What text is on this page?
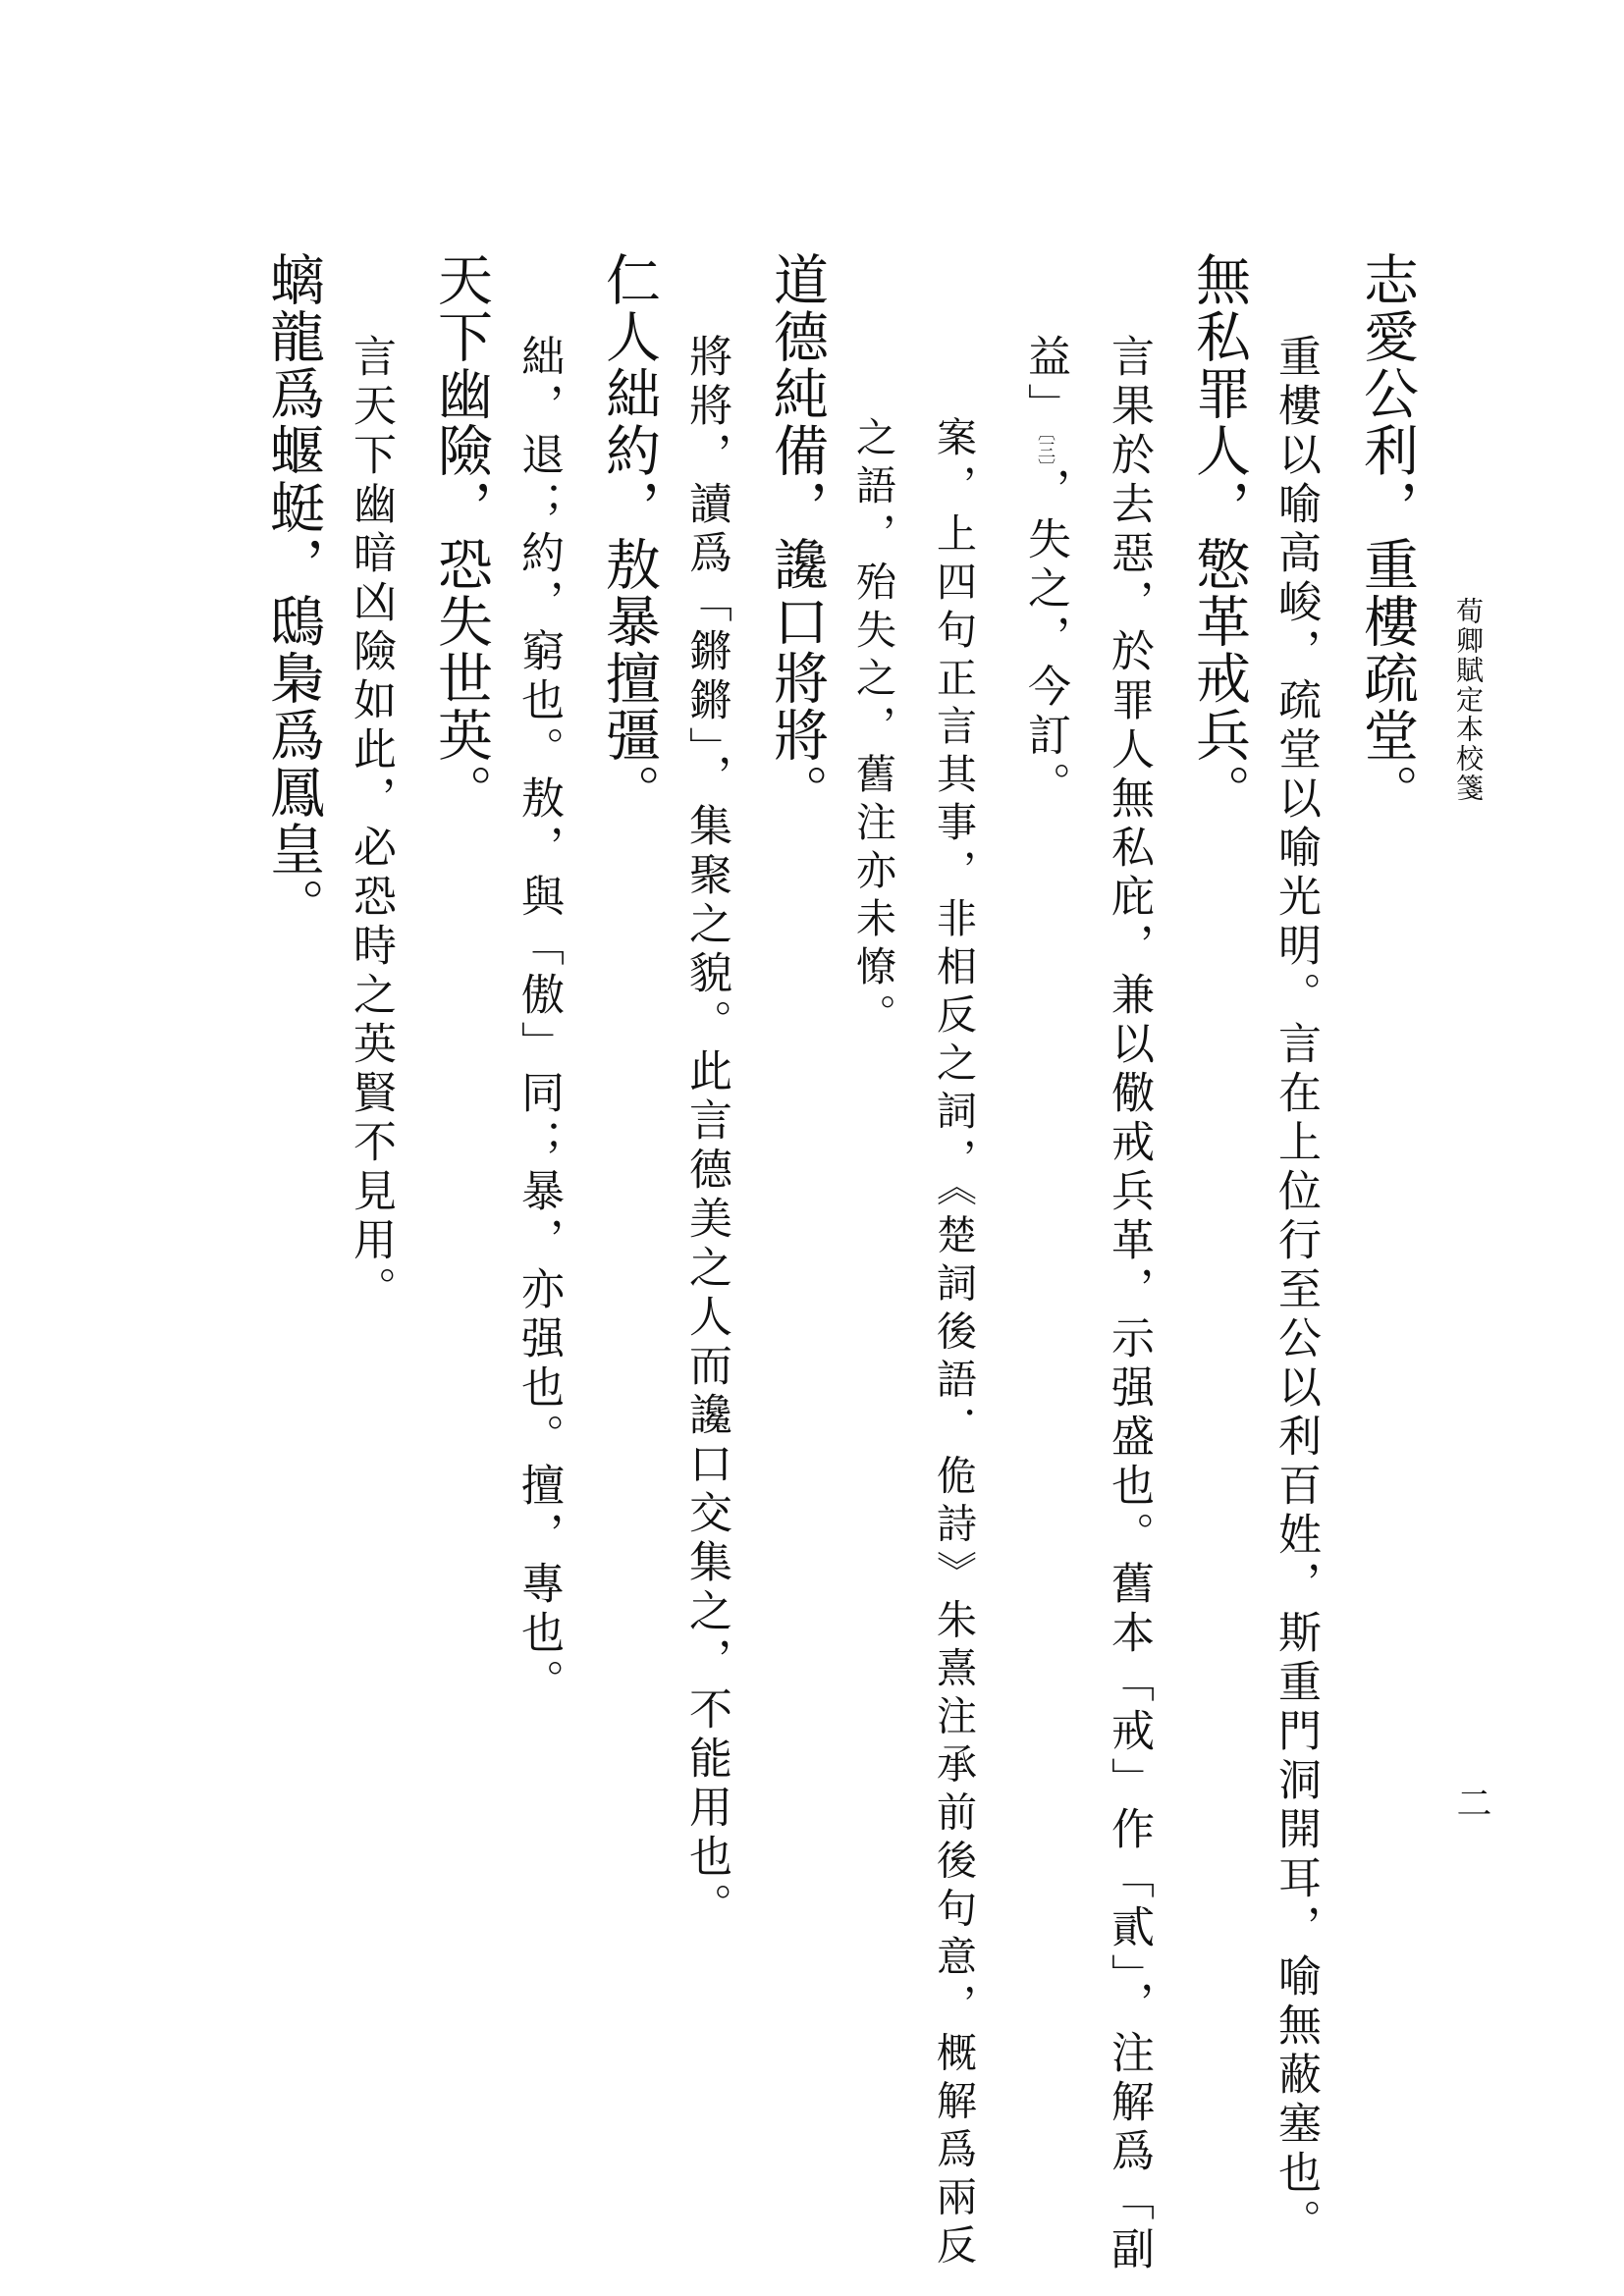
荀卿賦定本校箋
二
志愛公利，重樓疏堂。
重樓以喻高峻，疏堂以喻光明。言在上位行至公以利百姓，斯重門洞開耳，喻無蔽塞也。
無私罪人，憼革戒兵。
言果於去惡，於罪人無私庇，兼以儆戒兵革，示强盛也。舊本「戒」作「貳」，注解爲「副
益」〔三〕，失之，今訂。
案，上四句正言其事，非相反之詞，《楚詞後語．佹詩》朱熹注承前後句意，概解爲兩反
之語，殆失之，舊注亦未憭。
道德純備，讒口將將。
將將，讀爲「鏘鏘」，集聚之貌。此言德美之人而讒口交集之，不能用也。
仁人絀約，敖暴擅彊。
絀，退；約，窮也。敖，與「傲」同；暴，亦强也。擅，專也。
天下幽險，恐失世英。
言天下幽暗凶險如此，必恐時之英賢不見用。
螭龍爲蝘蜓，鴟梟爲鳳皇。
